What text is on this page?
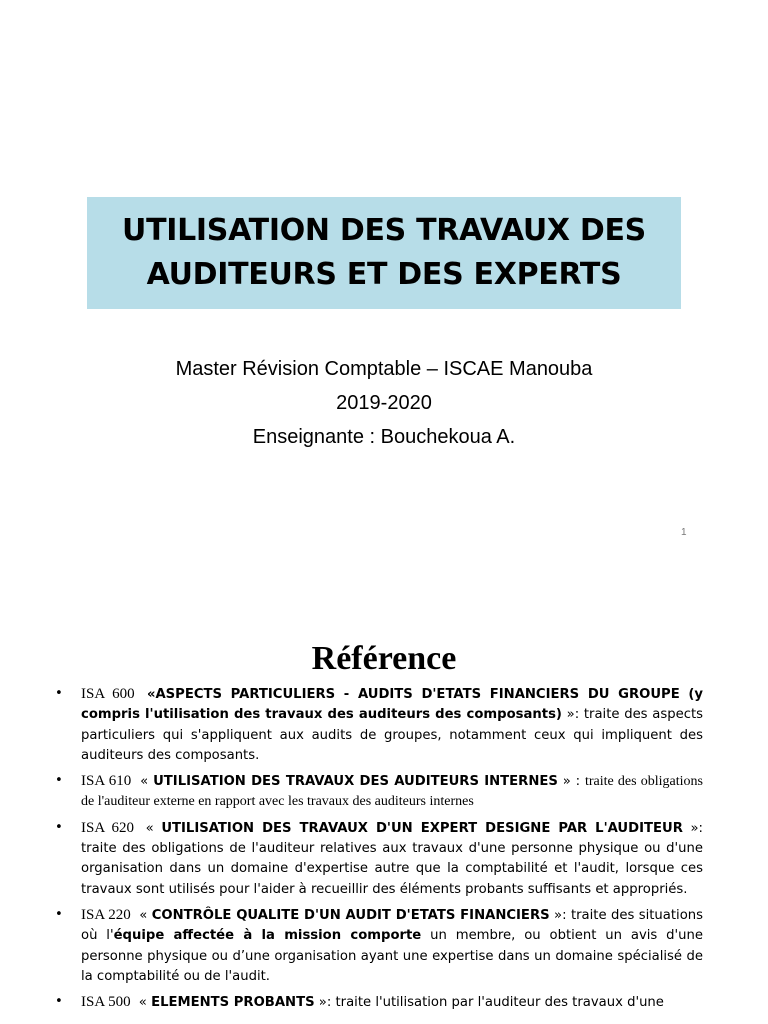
UTILISATION DES TRAVAUX DES
AUDITEURS ET DES EXPERTS
Master Révision Comptable – ISCAE Manouba
2019-2020
Enseignante : Bouchekoua A.
1
Référence
• ISA 600 «ASPECTS PARTICULIERS - AUDITS D'ETATS FINANCIERS DU GROUPE (y compris l'utilisation des travaux des auditeurs des composants) »: traite des aspects particuliers qui s'appliquent aux audits de groupes, notamment ceux qui impliquent des auditeurs des composants.
• ISA 610 « UTILISATION DES TRAVAUX DES AUDITEURS INTERNES » : traite des obligations de l'auditeur externe en rapport avec les travaux des auditeurs internes
• ISA 620 « UTILISATION DES TRAVAUX D'UN EXPERT DESIGNE PAR L'AUDITEUR »: traite des obligations de l'auditeur relatives aux travaux d'une personne physique ou d'une organisation dans un domaine d'expertise autre que la comptabilité et l'audit, lorsque ces travaux sont utilisés pour l'aider à recueillir des éléments probants suffisants et appropriés.
• ISA 220 « CONTRÔLE QUALITE D'UN AUDIT D'ETATS FINANCIERS »: traite des situations où l'équipe affectée à la mission comporte un membre, ou obtient un avis d'une personne physique ou d’une organisation ayant une expertise dans un domaine spécialisé de la comptabilité ou de l'audit.
• ISA 500 « ELEMENTS PROBANTS »: traite l'utilisation par l'auditeur des travaux d'une
